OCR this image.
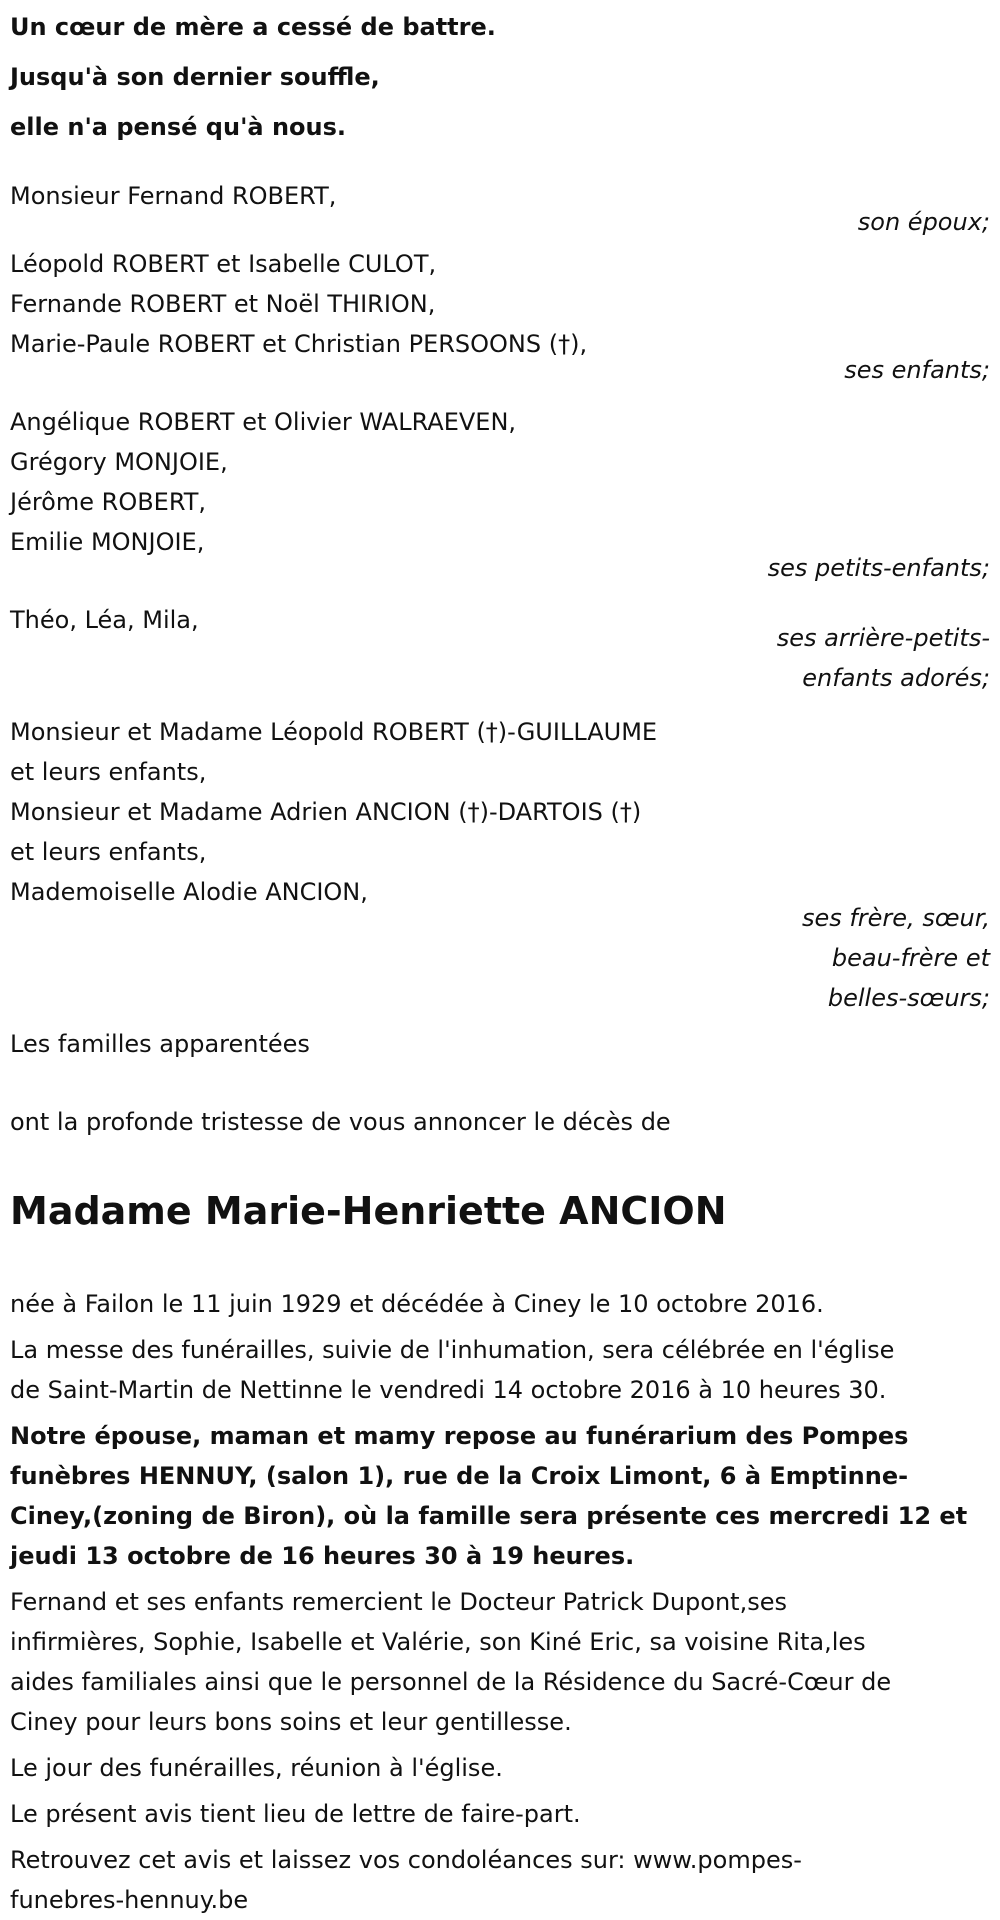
Un cœur de mère a cessé de battre.
Jusqu'à son dernier souffle,
elle n'a pensé qu'à nous.
Monsieur Fernand ROBERT,
son époux;
Léopold ROBERT et Isabelle CULOT,
Fernande ROBERT et Noël THIRION,
Marie-Paule ROBERT et Christian PERSOONS (†),
ses enfants;
Angélique ROBERT et Olivier WALRAEVEN,
Grégory MONJOIE,
Jérôme ROBERT,
Emilie MONJOIE,
ses petits-enfants;
Théo, Léa, Mila,
ses arrière-petits-
enfants adorés;
Monsieur et Madame Léopold ROBERT (†)-GUILLAUME
et leurs enfants,
Monsieur et Madame Adrien ANCION (†)-DARTOIS (†)
et leurs enfants,
Mademoiselle Alodie ANCION,
ses frère, sœur,
beau-frère et
belles-sœurs;
Les familles apparentées
ont la profonde tristesse de vous annoncer le décès de
Madame Marie-Henriette ANCION
née à Failon le 11 juin 1929 et décédée à Ciney le 10 octobre 2016.
La messe des funérailles, suivie de l'inhumation, sera célébrée en l'église
de Saint-Martin de Nettinne le vendredi 14 octobre 2016 à 10 heures 30.
Notre épouse, maman et mamy repose au funérarium des Pompes
funèbres HENNUY, (salon 1), rue de la Croix Limont, 6 à Emptinne-
Ciney,(zoning de Biron), où la famille sera présente ces mercredi 12 et
jeudi 13 octobre de 16 heures 30 à 19 heures.
Fernand et ses enfants remercient le Docteur Patrick Dupont,ses
infirmières, Sophie, Isabelle et Valérie, son Kiné Eric, sa voisine Rita,les
aides familiales ainsi que le personnel de la Résidence du Sacré-Cœur de
Ciney pour leurs bons soins et leur gentillesse.
Le jour des funérailles, réunion à l'église.
Le présent avis tient lieu de lettre de faire-part.
Retrouvez cet avis et laissez vos condoléances sur: www.pompes-
funebres-hennuy.be
